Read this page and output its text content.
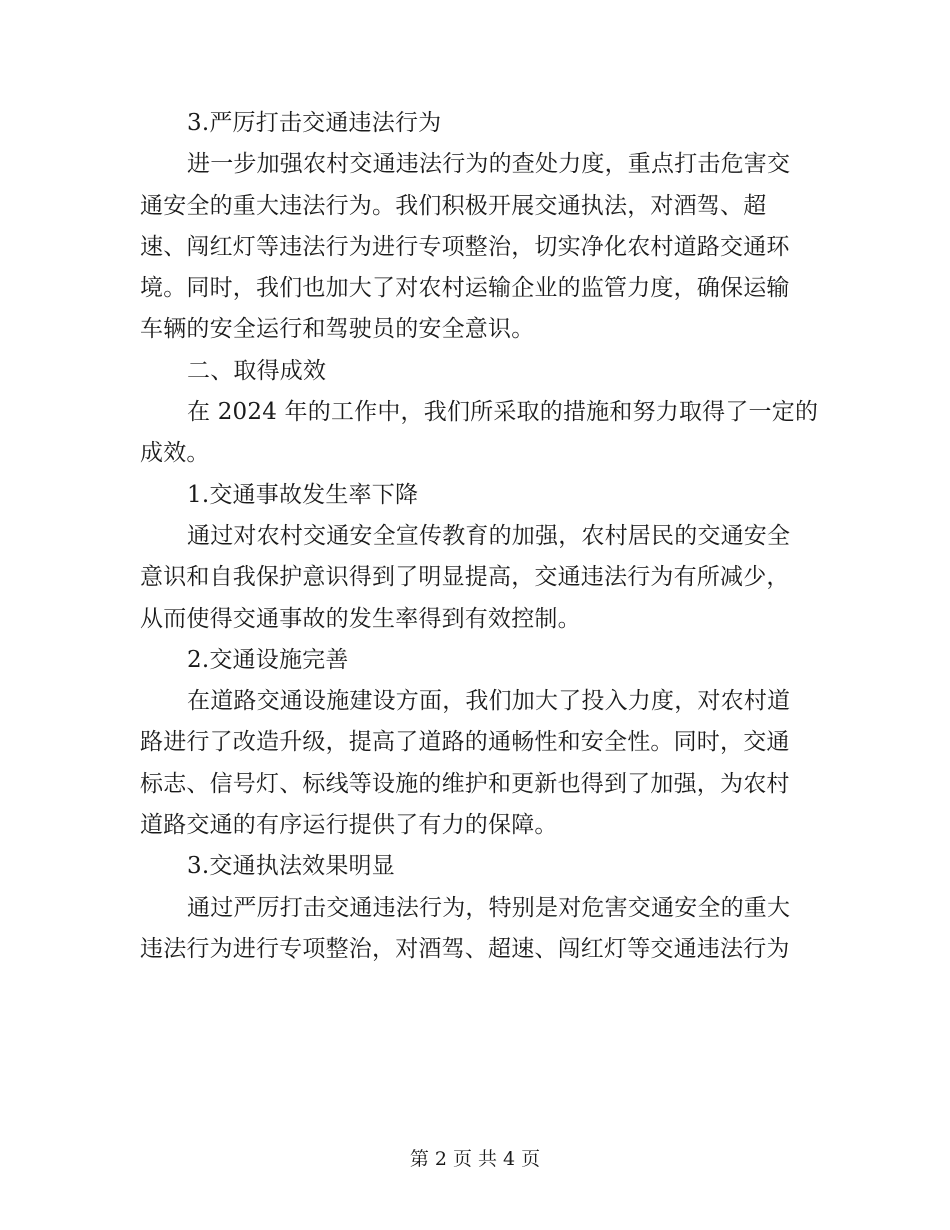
3.严厉打击交通违法行为

进一步加强农村交通违法行为的查处力度，重点打击危害交

通安全的重大违法行为。我们积极开展交通执法，对酒驾、超

速、闯红灯等违法行为进行专项整治，切实净化农村道路交通环

境。同时，我们也加大了对农村运输企业的监管力度，确保运输

车辆的安全运行和驾驶员的安全意识。

二、取得成效

在 2024 年的工作中，我们所采取的措施和努力取得了一定的

成效。

1.交通事故发生率下降

通过对农村交通安全宣传教育的加强，农村居民的交通安全

意识和自我保护意识得到了明显提高，交通违法行为有所减少，

从而使得交通事故的发生率得到有效控制。

2.交通设施完善

在道路交通设施建设方面，我们加大了投入力度，对农村道

路进行了改造升级，提高了道路的通畅性和安全性。同时，交通

标志、信号灯、标线等设施的维护和更新也得到了加强，为农村

道路交通的有序运行提供了有力的保障。

3.交通执法效果明显

通过严厉打击交通违法行为，特别是对危害交通安全的重大

违法行为进行专项整治，对酒驾、超速、闯红灯等交通违法行为

第 2 页 共 4 页
